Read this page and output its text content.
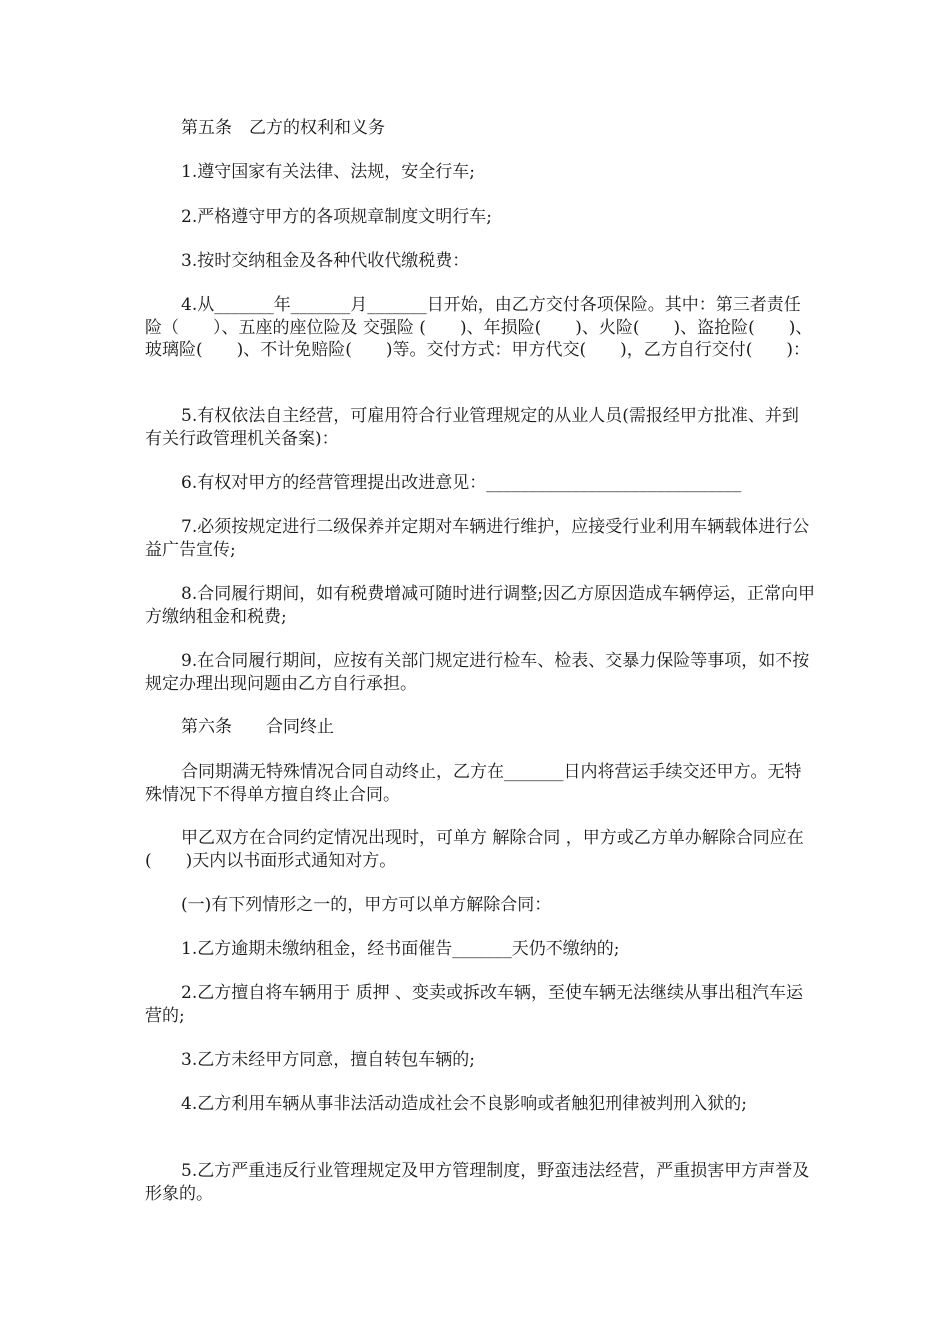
第五条　乙方的权利和义务

1.遵守国家有关法律、法规，安全行车;

2.严格遵守甲方的各项规章制度文明行车;

3.按时交纳租金及各种代收代缴税费：

4.从_______年_______月_______日开始，由乙方交付各项保险。其中：第三者责任险（　　）、五座的座位险及 交强险 (　　)、年损险(　　)、火险(　　)、盗抢险(　　)、玻璃险(　　)、不计免赔险(　　)等。交付方式：甲方代交(　　)，乙方自行交付(　　)：

5.有权依法自主经营，可雇用符合行业管理规定的从业人员(需报经甲方批准、并到有关行政管理机关备案)：

6.有权对甲方的经营管理提出改进意见：______________________________

7.必须按规定进行二级保养并定期对车辆进行维护，应接受行业利用车辆载体进行公益广告宣传;

8.合同履行期间，如有税费增减可随时进行调整;因乙方原因造成车辆停运，正常向甲方缴纳租金和税费;

9.在合同履行期间，应按有关部门规定进行检车、检表、交暴力保险等事项，如不按规定办理出现问题由乙方自行承担。

第六条　　合同终止

合同期满无特殊情况合同自动终止，乙方在_______日内将营运手续交还甲方。无特殊情况下不得单方擅自终止合同。

甲乙双方在合同约定情况出现时，可单方 解除合同 ，甲方或乙方单办解除合同应在(　　)天内以书面形式通知对方。

(一)有下列情形之一的，甲方可以单方解除合同：

1.乙方逾期未缴纳租金，经书面催告_______天仍不缴纳的;

2.乙方擅自将车辆用于 质押 、变卖或拆改车辆，至使车辆无法继续从事出租汽车运营的;

3.乙方未经甲方同意，擅自转包车辆的;

4.乙方利用车辆从事非法活动造成社会不良影响或者触犯刑律被判刑入狱的;

5.乙方严重违反行业管理规定及甲方管理制度，野蛮违法经营，严重损害甲方声誉及形象的。
